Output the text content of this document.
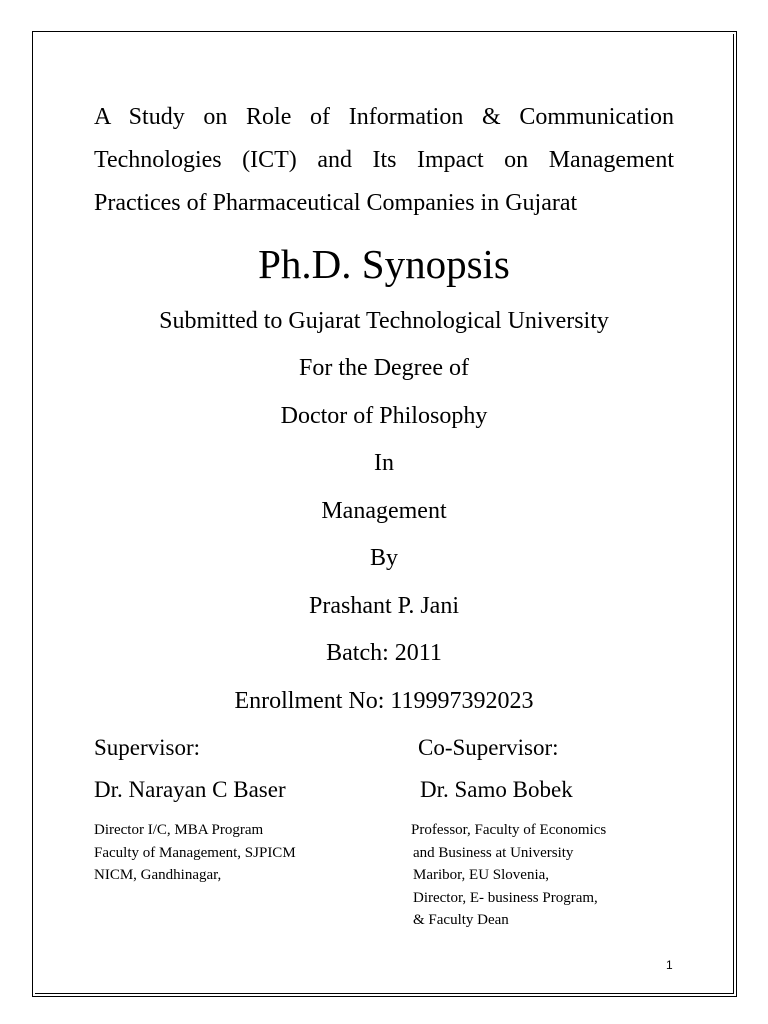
A Study on Role of Information & Communication
Technologies (ICT) and Its Impact on Management
Practices of Pharmaceutical Companies in Gujarat
Ph.D. Synopsis
Submitted to Gujarat Technological University
For the Degree of
Doctor of Philosophy
In
Management
By
Prashant P. Jani
Batch: 2011
Enrollment No: 119997392023
Supervisor:	Co-Supervisor:
Dr. Narayan C Baser	Dr. Samo Bobek
Director I/C, MBA Program
Faculty of Management, SJPICM
NICM, Gandhinagar,
Professor, Faculty of Economics
and Business at University
Maribor, EU Slovenia,
Director, E- business Program,
& Faculty Dean
1
